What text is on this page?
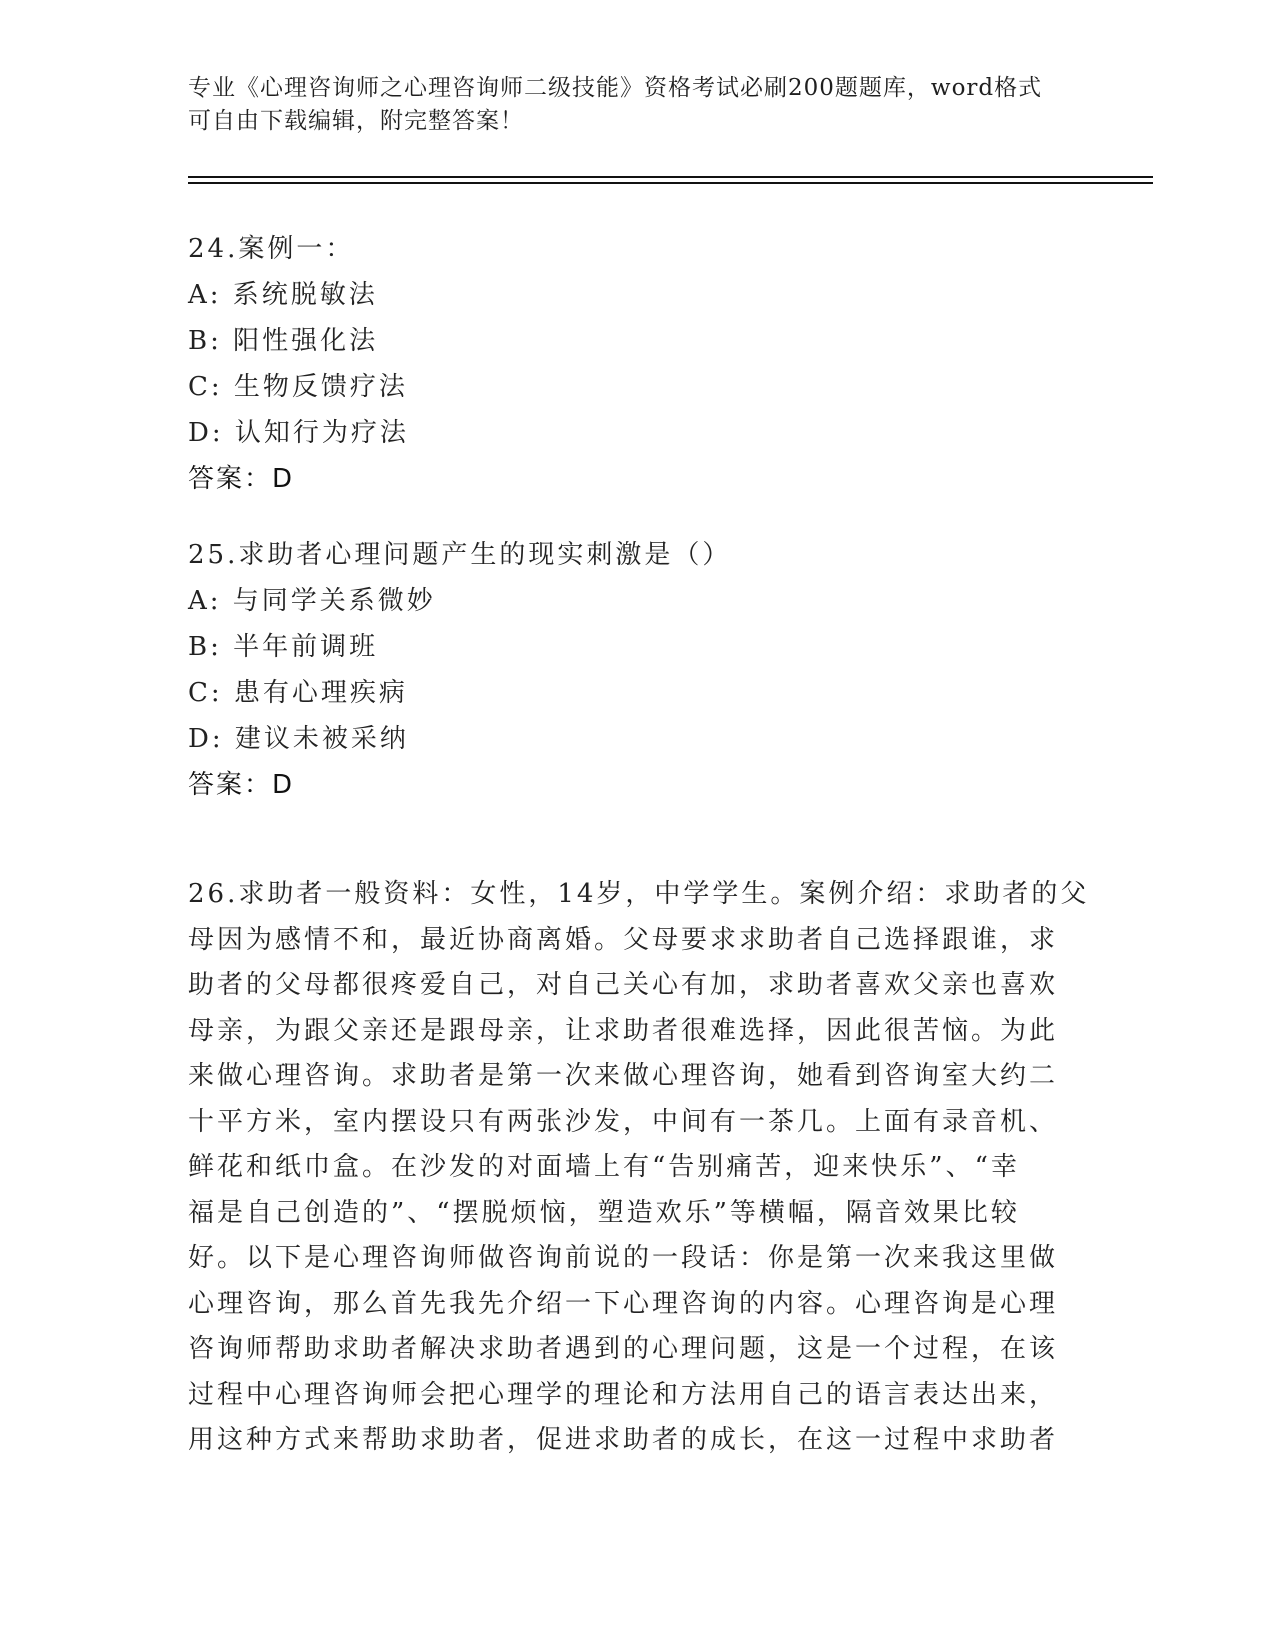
专业《心理咨询师之心理咨询师二级技能》资格考试必刷200题题库，word格式
可自由下载编辑，附完整答案！
24.案例一：
A: 系统脱敏法
B: 阳性强化法
C: 生物反馈疗法
D: 认知行为疗法
答案：D
25.求助者心理问题产生的现实刺激是（）
A: 与同学关系微妙
B: 半年前调班
C: 患有心理疾病
D: 建议未被采纳
答案：D
26.求助者一般资料：女性，14岁，中学学生。案例介绍：求助者的父
母因为感情不和，最近协商离婚。父母要求求助者自己选择跟谁，求
助者的父母都很疼爱自己，对自己关心有加，求助者喜欢父亲也喜欢
母亲，为跟父亲还是跟母亲，让求助者很难选择，因此很苦恼。为此
来做心理咨询。求助者是第一次来做心理咨询，她看到咨询室大约二
十平方米，室内摆设只有两张沙发，中间有一茶几。上面有录音机、
鲜花和纸巾盒。在沙发的对面墙上有“告别痛苦，迎来快乐”、“幸
福是自己创造的”、“摆脱烦恼，塑造欢乐”等横幅，隔音效果比较
好。以下是心理咨询师做咨询前说的一段话：你是第一次来我这里做
心理咨询，那么首先我先介绍一下心理咨询的内容。心理咨询是心理
咨询师帮助求助者解决求助者遇到的心理问题，这是一个过程，在该
过程中心理咨询师会把心理学的理论和方法用自己的语言表达出来，
用这种方式来帮助求助者，促进求助者的成长，在这一过程中求助者
